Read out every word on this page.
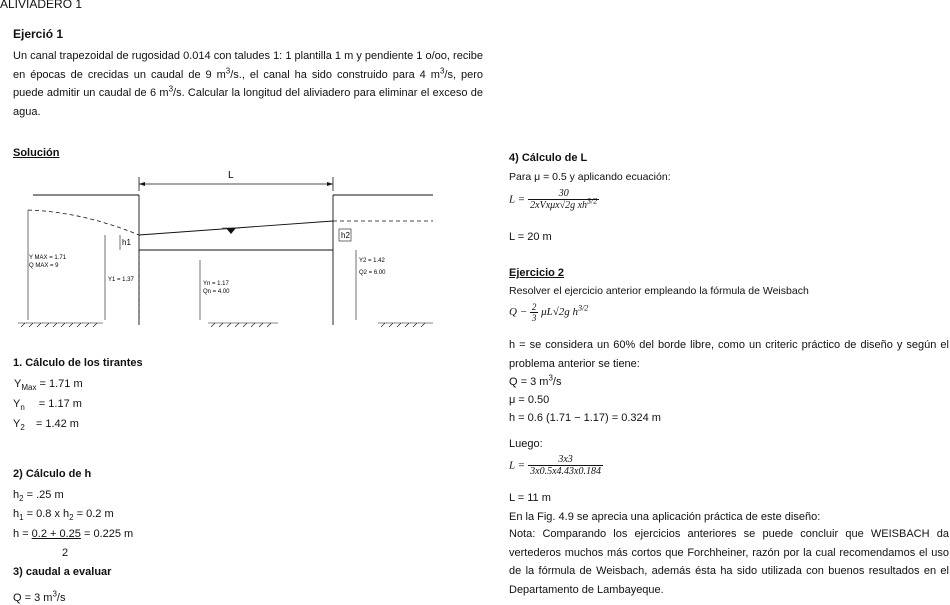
ALIVIADERO 1
Ejerció 1
Un canal trapezoidal de rugosidad 0.014 con taludes 1: 1 plantilla 1 m y pendiente 1 o/oo, recibe en épocas de crecidas un caudal de 9 $m^3/s$., el canal ha sido construido para 4 $m^3/s$, pero puede admitir un caudal de 6 $m^3/s$. Calcular la longitud del aliviadero para eliminar el exceso de agua.
Solución
L
h1
h2
Y MAX = 1.71
Q MAX = 9
Y1 = 1.37
Yn = 1.17
Qn = 4.00
Y2 = 1.42
Q2 = 6.00
1. Cálculo de los tirantes
$Y_{Max} = 1.71$ m
$Y_n = 1.17$ m
$Y_2 = 1.42$ m
2) Cálculo de h
$h_2 = .25$ m
$h_1 = 0.8$ x $h_2 = 0.2$ m
h = 0.2 + 0.25 = 0.225 m
2
3) caudal a evaluar
Q = 3 $m^3/s$
4) Cálculo de L
Para μ = 0.5 y aplicando ecuación:
$L = \frac{30}{2xVx\mu x√2g xh^{3/2}}$
L = 20 m
Ejercicio 2
Resolver el ejercicio anterior empleando la fórmula de Weisbach
$Q - \frac{2}{3} \mu L√2g$ $h^{3/2}$
h = se considera un 60% del borde libre, como un criteric práctico de diseño y según el problema anterior se tiene:
Q = 3 $m^3/s$
μ = 0.50
h = 0.6 (1.71 − 1.17) = 0.324 m
Luego:
$L = \frac{3x3}{3x0.5x4.43x0.184}$
L = 11 m
En la Fig. 4.9 se aprecia una aplicación práctica de este diseño:
Nota: Comparando los ejercicios anteriores se puede concluir que WEISBACH da vertederos muchos más cortos que Forchheiner, razón por la cual recomendamos el uso de la fórmula de Weisbach, además ésta ha sido utilizada con buenos resultados en el Departamento de Lambayeque.
